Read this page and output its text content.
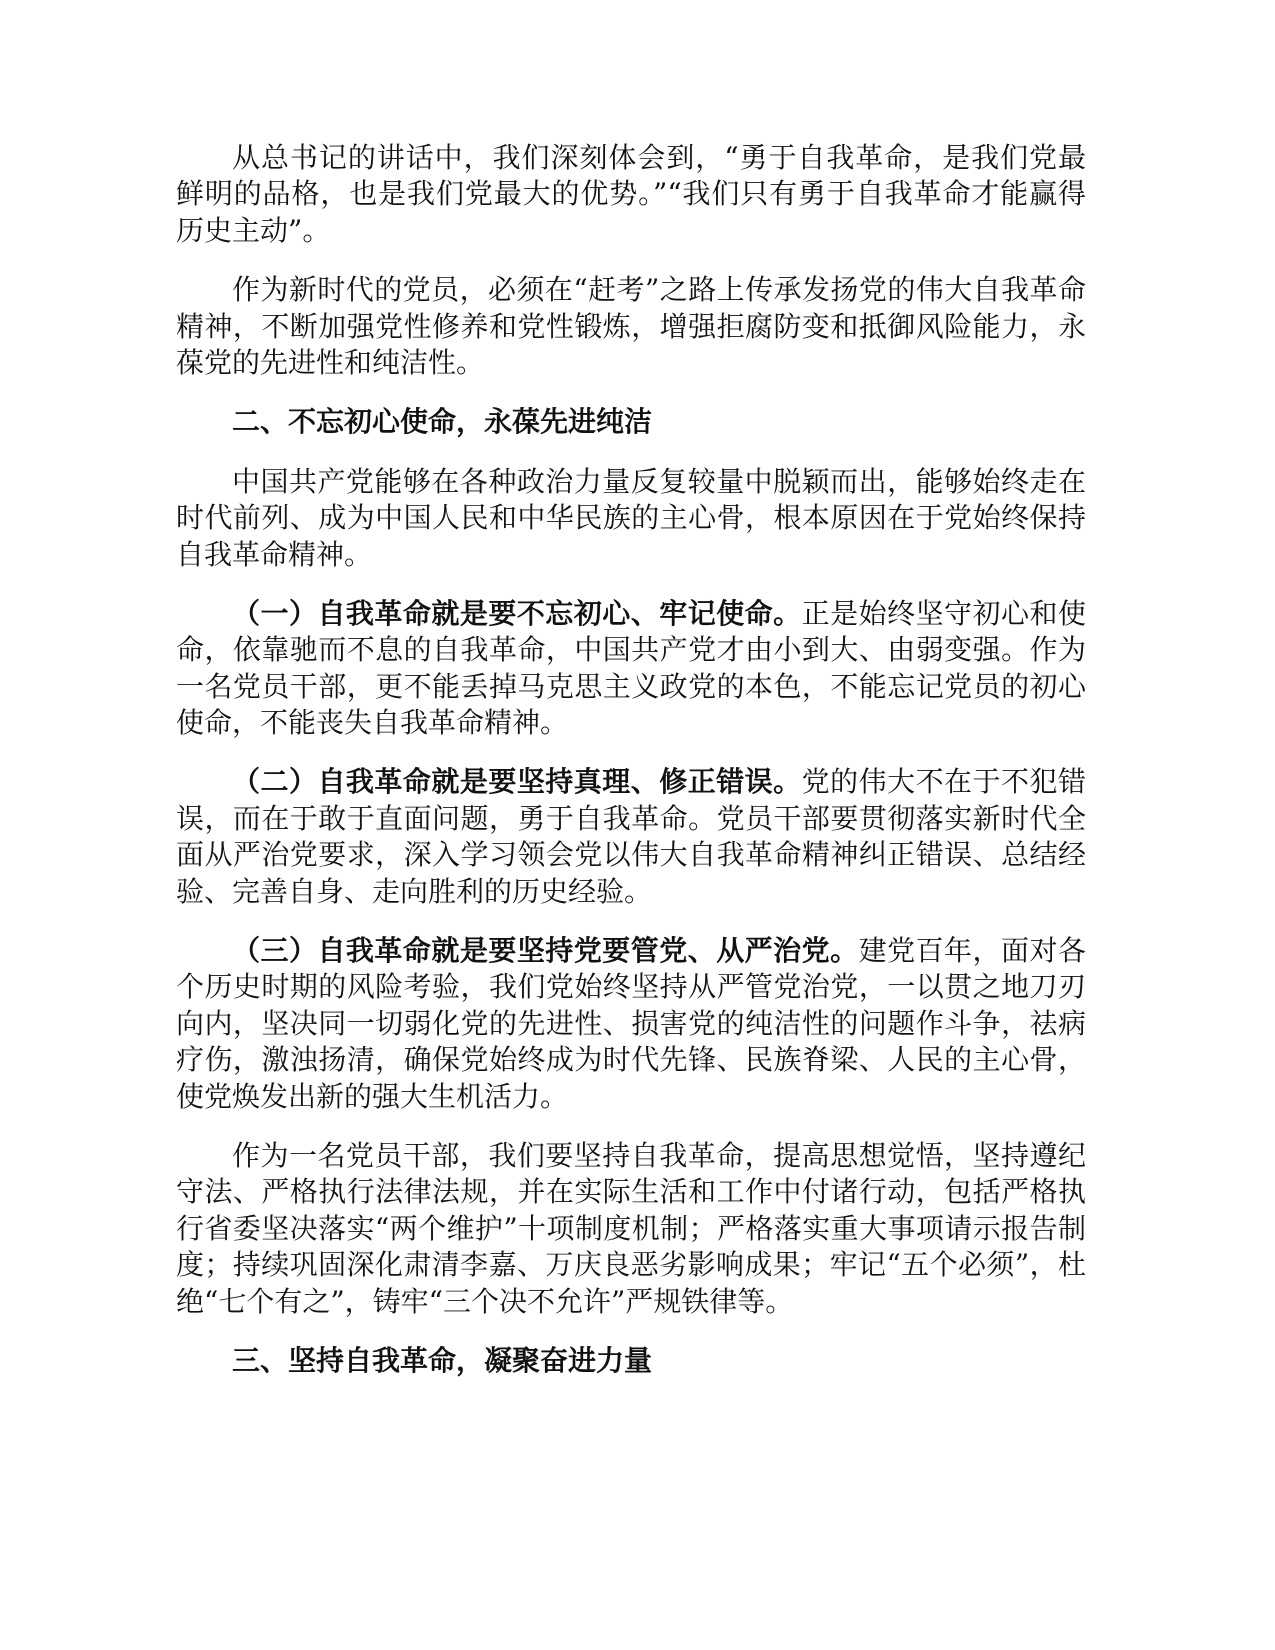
从总书记的讲话中，我们深刻体会到，“勇于自我革命，是我们党最鲜明的品格，也是我们党最大的优势。”“我们只有勇于自我革命才能赢得历史主动”。

作为新时代的党员，必须在“赶考”之路上传承发扬党的伟大自我革命精神，不断加强党性修养和党性锻炼，增强拒腐防变和抵御风险能力，永葆党的先进性和纯洁性。

二、不忘初心使命，永葆先进纯洁

中国共产党能够在各种政治力量反复较量中脱颖而出，能够始终走在时代前列、成为中国人民和中华民族的主心骨，根本原因在于党始终保持自我革命精神。

（一）自我革命就是要不忘初心、牢记使命。正是始终坚守初心和使命，依靠驰而不息的自我革命，中国共产党才由小到大、由弱变强。作为一名党员干部，更不能丢掉马克思主义政党的本色，不能忘记党员的初心使命，不能丧失自我革命精神。

（二）自我革命就是要坚持真理、修正错误。党的伟大不在于不犯错误，而在于敢于直面问题，勇于自我革命。党员干部要贯彻落实新时代全面从严治党要求，深入学习领会党以伟大自我革命精神纠正错误、总结经验、完善自身、走向胜利的历史经验。

（三）自我革命就是要坚持党要管党、从严治党。建党百年，面对各个历史时期的风险考验，我们党始终坚持从严管党治党，一以贯之地刀刃向内，坚决同一切弱化党的先进性、损害党的纯洁性的问题作斗争，祛病疗伤，激浊扬清，确保党始终成为时代先锋、民族脊梁、人民的主心骨，使党焕发出新的强大生机活力。

作为一名党员干部，我们要坚持自我革命，提高思想觉悟，坚持遵纪守法、严格执行法律法规，并在实际生活和工作中付诸行动，包括严格执行省委坚决落实“两个维护”十项制度机制；严格落实重大事项请示报告制度；持续巩固深化肃清李嘉、万庆良恶劣影响成果；牢记“五个必须”，杜绝“七个有之”，铸牢“三个决不允许”严规铁律等。

三、坚持自我革命，凝聚奋进力量
